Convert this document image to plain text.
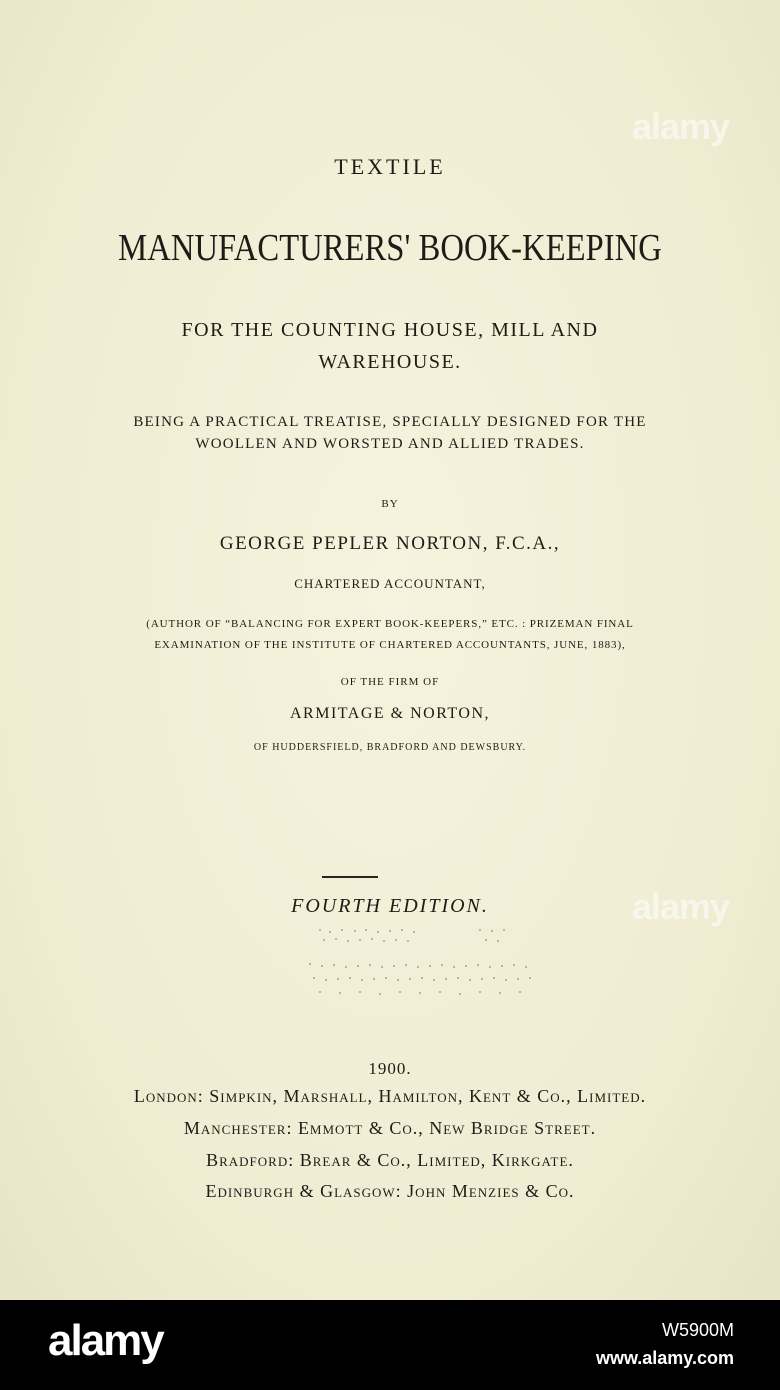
TEXTILE
MANUFACTURERS' BOOK-KEEPING
FOR THE COUNTING HOUSE, MILL AND
WAREHOUSE.
BEING A PRACTICAL TREATISE, SPECIALLY DESIGNED FOR THE
WOOLLEN AND WORSTED AND ALLIED TRADES.
BY
GEORGE PEPLER NORTON, F.C.A.,
CHARTERED ACCOUNTANT,
(AUTHOR OF “BALANCING FOR EXPERT BOOK-KEEPERS,” ETC. : PRIZEMAN FINAL
EXAMINATION OF THE INSTITUTE OF CHARTERED ACCOUNTANTS, JUNE, 1883),
OF THE FIRM OF
ARMITAGE & NORTON,
OF HUDDERSFIELD, BRADFORD AND DEWSBURY.
FOURTH EDITION.
1900.
London: Simpkin, Marshall, Hamilton, Kent & Co., Limited.
Manchester: Emmott & Co., New Bridge Street.
Bradford: Brear & Co., Limited, Kirkgate.
Edinburgh & Glasgow: John Menzies & Co.
alamy
alamy
alamy	W5900M
www.alamy.com
